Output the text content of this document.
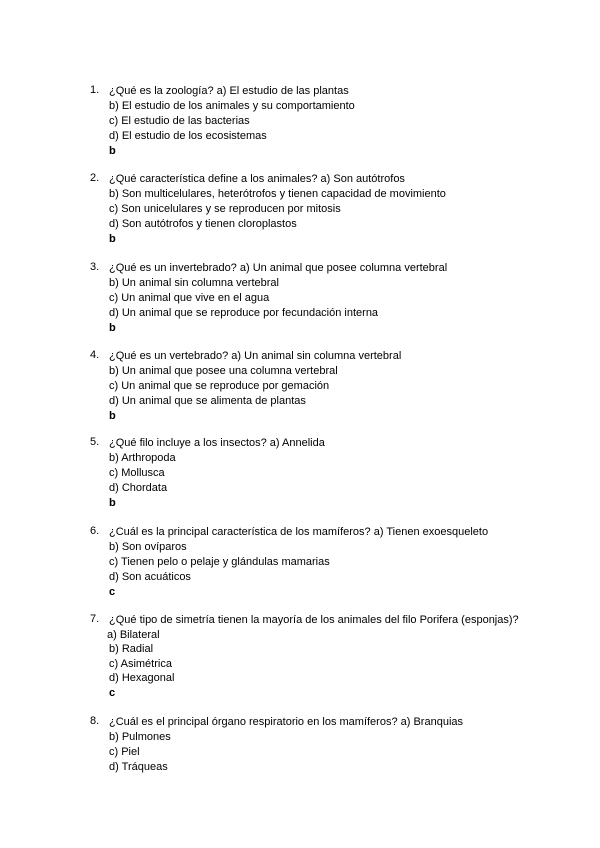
1. ¿Qué es la zoología? a) El estudio de las plantas
b) El estudio de los animales y su comportamiento
c) El estudio de las bacterias
d) El estudio de los ecosistemas
b
2. ¿Qué característica define a los animales? a) Son autótrofos
b) Son multicelulares, heterótrofos y tienen capacidad de movimiento
c) Son unicelulares y se reproducen por mitosis
d) Son autótrofos y tienen cloroplastos
b
3. ¿Qué es un invertebrado? a) Un animal que posee columna vertebral
b) Un animal sin columna vertebral
c) Un animal que vive en el agua
d) Un animal que se reproduce por fecundación interna
b
4. ¿Qué es un vertebrado? a) Un animal sin columna vertebral
b) Un animal que posee una columna vertebral
c) Un animal que se reproduce por gemación
d) Un animal que se alimenta de plantas
b
5. ¿Qué filo incluye a los insectos? a) Annelida
b) Arthropoda
c) Mollusca
d) Chordata
b
6. ¿Cuál es la principal característica de los mamíferos? a) Tienen exoesqueleto
b) Son ovíparos
c) Tienen pelo o pelaje y glándulas mamarias
d) Son acuáticos
c
7. ¿Qué tipo de simetría tienen la mayoría de los animales del filo Porifera (esponjas)?
a) Bilateral
b) Radial
c) Asimétrica
d) Hexagonal
c
8. ¿Cuál es el principal órgano respiratorio en los mamíferos? a) Branquias
b) Pulmones
c) Piel
d) Tráqueas
